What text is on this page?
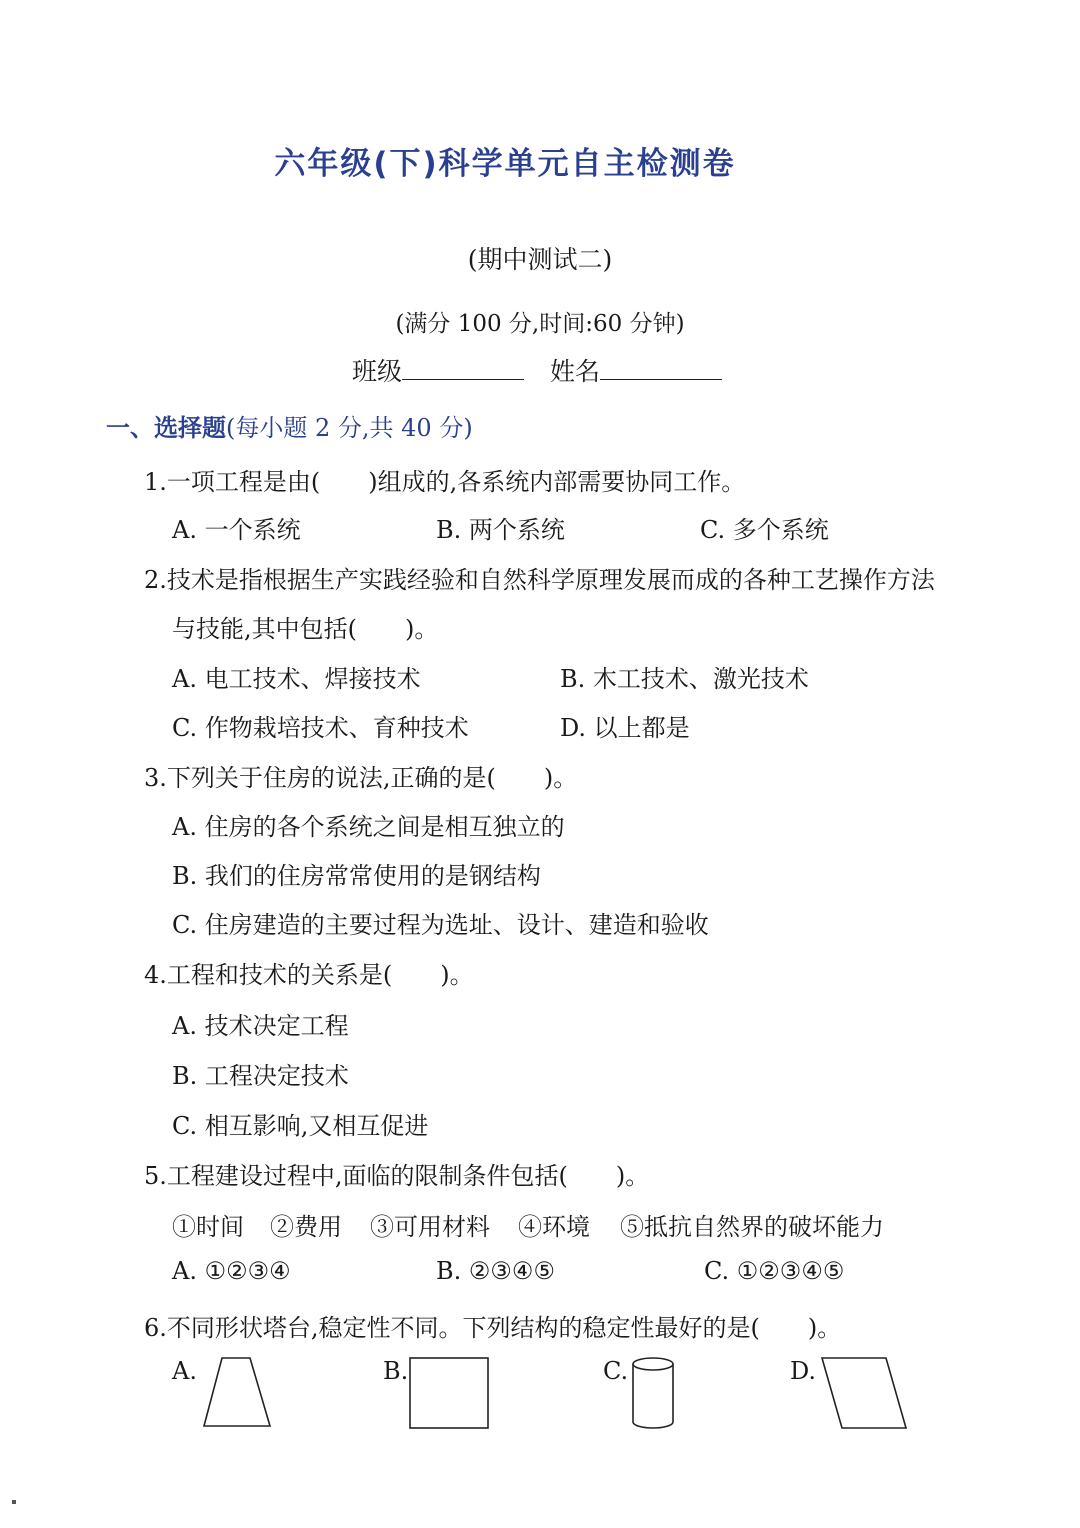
六年级(下)科学单元自主检测卷
(期中测试二)
(满分 100 分,时间:60 分钟)
班级	姓名
一、选择题(每小题 2 分,共 40 分)
1.一项工程是由(　　)组成的,各系统内部需要协同工作。
A. 一个系统	B. 两个系统	C. 多个系统
2.技术是指根据生产实践经验和自然科学原理发展而成的各种工艺操作方法
与技能,其中包括(　　)。
A. 电工技术、焊接技术	B. 木工技术、激光技术
C. 作物栽培技术、育种技术	D. 以上都是
3.下列关于住房的说法,正确的是(　　)。
A. 住房的各个系统之间是相互独立的
B. 我们的住房常常使用的是钢结构
C. 住房建造的主要过程为选址、设计、建造和验收
4.工程和技术的关系是(　　)。
A. 技术决定工程
B. 工程决定技术
C. 相互影响,又相互促进
5.工程建设过程中,面临的限制条件包括(　　)。
①时间 ②费用 ③可用材料 ④环境 ⑤抵抗自然界的破坏能力
A. ①②③④	B. ②③④⑤	C. ①②③④⑤
6.不同形状塔台,稳定性不同。下列结构的稳定性最好的是(　　)。
A.	B.	C.	D.
